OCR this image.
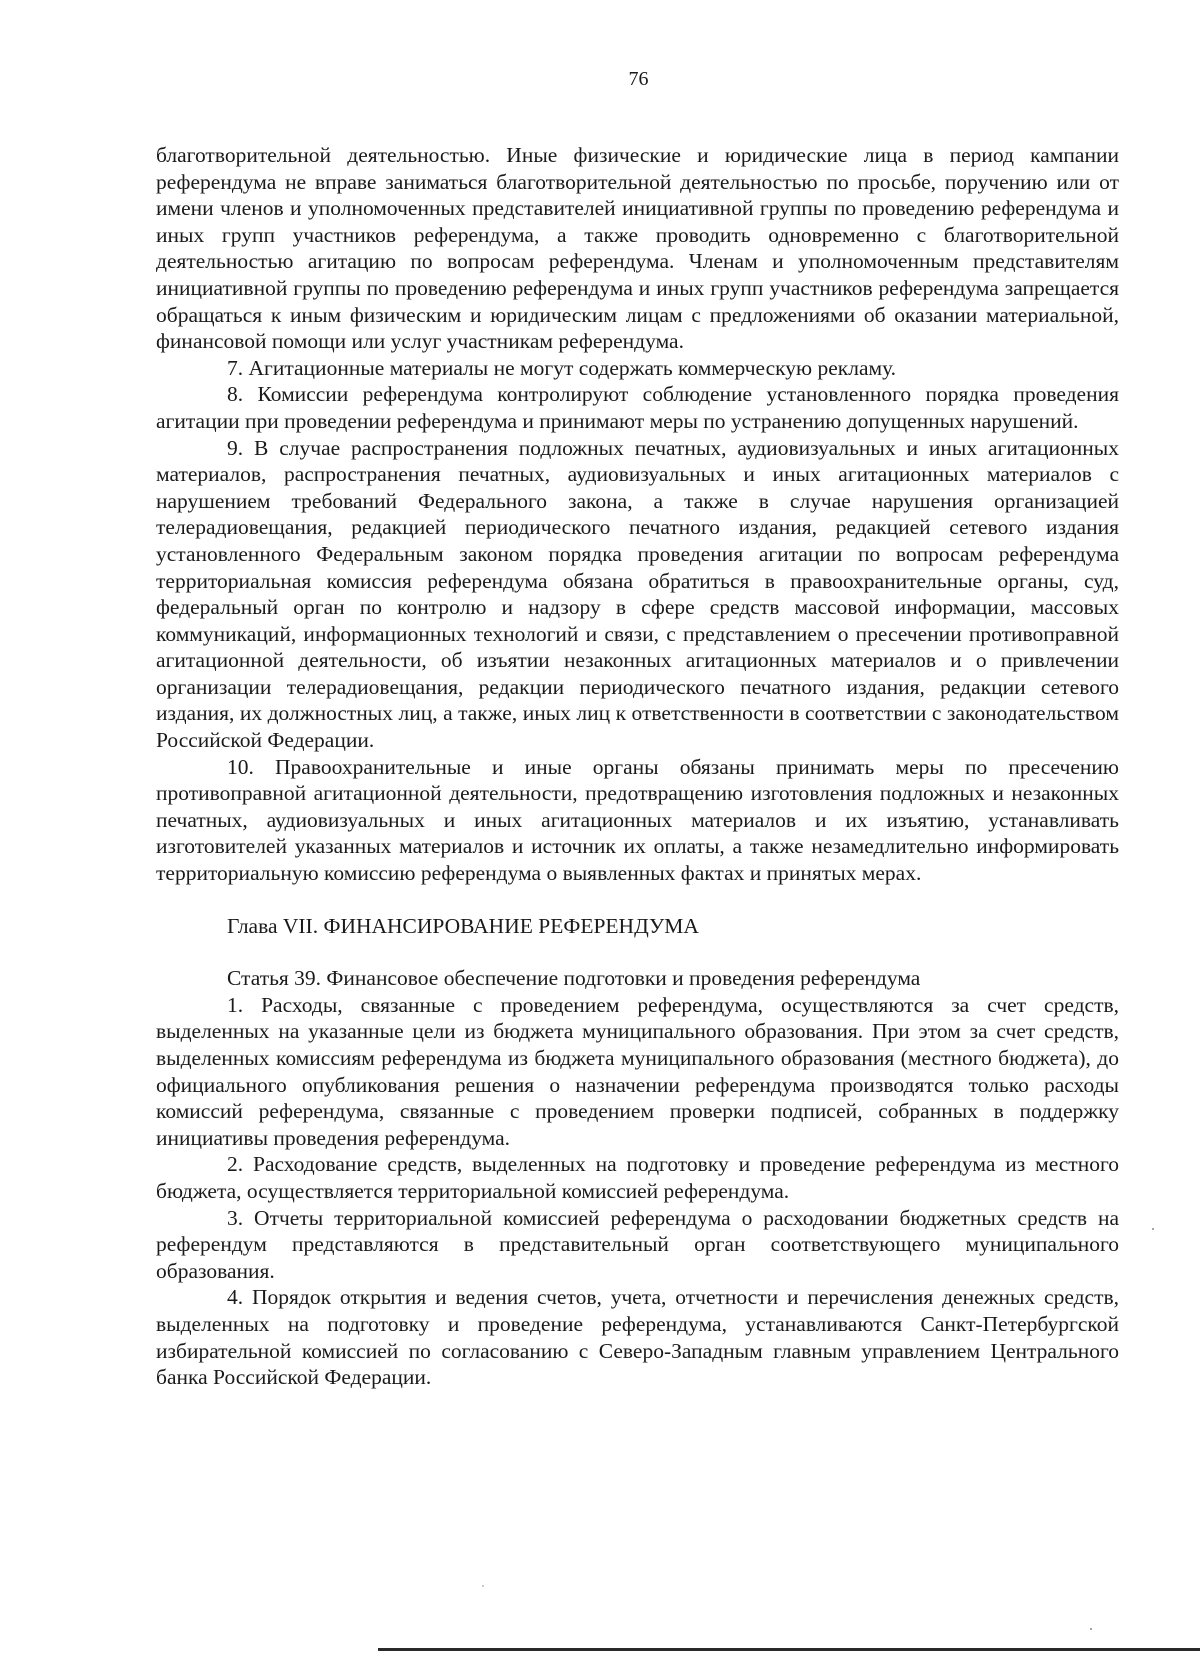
76

благотворительной деятельностью. Иные физические и юридические лица в период кампании референдума не вправе заниматься благотворительной деятельностью по просьбе, поручению или от имени членов и уполномоченных представителей инициативной группы по проведению референдума и иных групп участников референдума, а также проводить одновременно с благотворительной деятельностью агитацию по вопросам референдума. Членам и уполномоченным представителям инициативной группы по проведению референдума и иных групп участников референдума запрещается обращаться к иным физическим и юридическим лицам с предложениями об оказании материальной, финансовой помощи или услуг участникам референдума.

7. Агитационные материалы не могут содержать коммерческую рекламу.

8. Комиссии референдума контролируют соблюдение установленного порядка проведения агитации при проведении референдума и принимают меры по устранению допущенных нарушений.

9. В случае распространения подложных печатных, аудиовизуальных и иных агитационных материалов, распространения печатных, аудиовизуальных и иных агитационных материалов с нарушением требований Федерального закона, а также в случае нарушения организацией телерадиовещания, редакцией периодического печатного издания, редакцией сетевого издания установленного Федеральным законом порядка проведения агитации по вопросам референдума территориальная комиссия референдума обязана обратиться в правоохранительные органы, суд, федеральный орган по контролю и надзору в сфере средств массовой информации, массовых коммуникаций, информационных технологий и связи, с представлением о пресечении противоправной агитационной деятельности, об изъятии незаконных агитационных материалов и о привлечении организации телерадиовещания, редакции периодического печатного издания, редакции сетевого издания, их должностных лиц, а также, иных лиц к ответственности в соответствии с законодательством Российской Федерации.

10. Правоохранительные и иные органы обязаны принимать меры по пресечению противоправной агитационной деятельности, предотвращению изготовления подложных и незаконных печатных, аудиовизуальных и иных агитационных материалов и их изъятию, устанавливать изготовителей указанных материалов и источник их оплаты, а также незамедлительно информировать территориальную комиссию референдума о выявленных фактах и принятых мерах.

Глава VII. ФИНАНСИРОВАНИЕ РЕФЕРЕНДУМА
Статья 39. Финансовое обеспечение подготовки и проведения референдума

1. Расходы, связанные с проведением референдума, осуществляются за счет средств, выделенных на указанные цели из бюджета муниципального образования. При этом за счет средств, выделенных комиссиям референдума из бюджета муниципального образования (местного бюджета), до официального опубликования решения о назначении референдума производятся только расходы комиссий референдума, связанные с проведением проверки подписей, собранных в поддержку инициативы проведения референдума.

2. Расходование средств, выделенных на подготовку и проведение референдума из местного бюджета, осуществляется территориальной комиссией референдума.

3. Отчеты территориальной комиссией референдума о расходовании бюджетных средств на референдум представляются в представительный орган соответствующего муниципального образования.

4. Порядок открытия и ведения счетов, учета, отчетности и перечисления денежных средств, выделенных на подготовку и проведение референдума, устанавливаются Санкт-Петербургской избирательной комиссией по согласованию с Северо-Западным главным управлением Центрального банка Российской Федерации.
